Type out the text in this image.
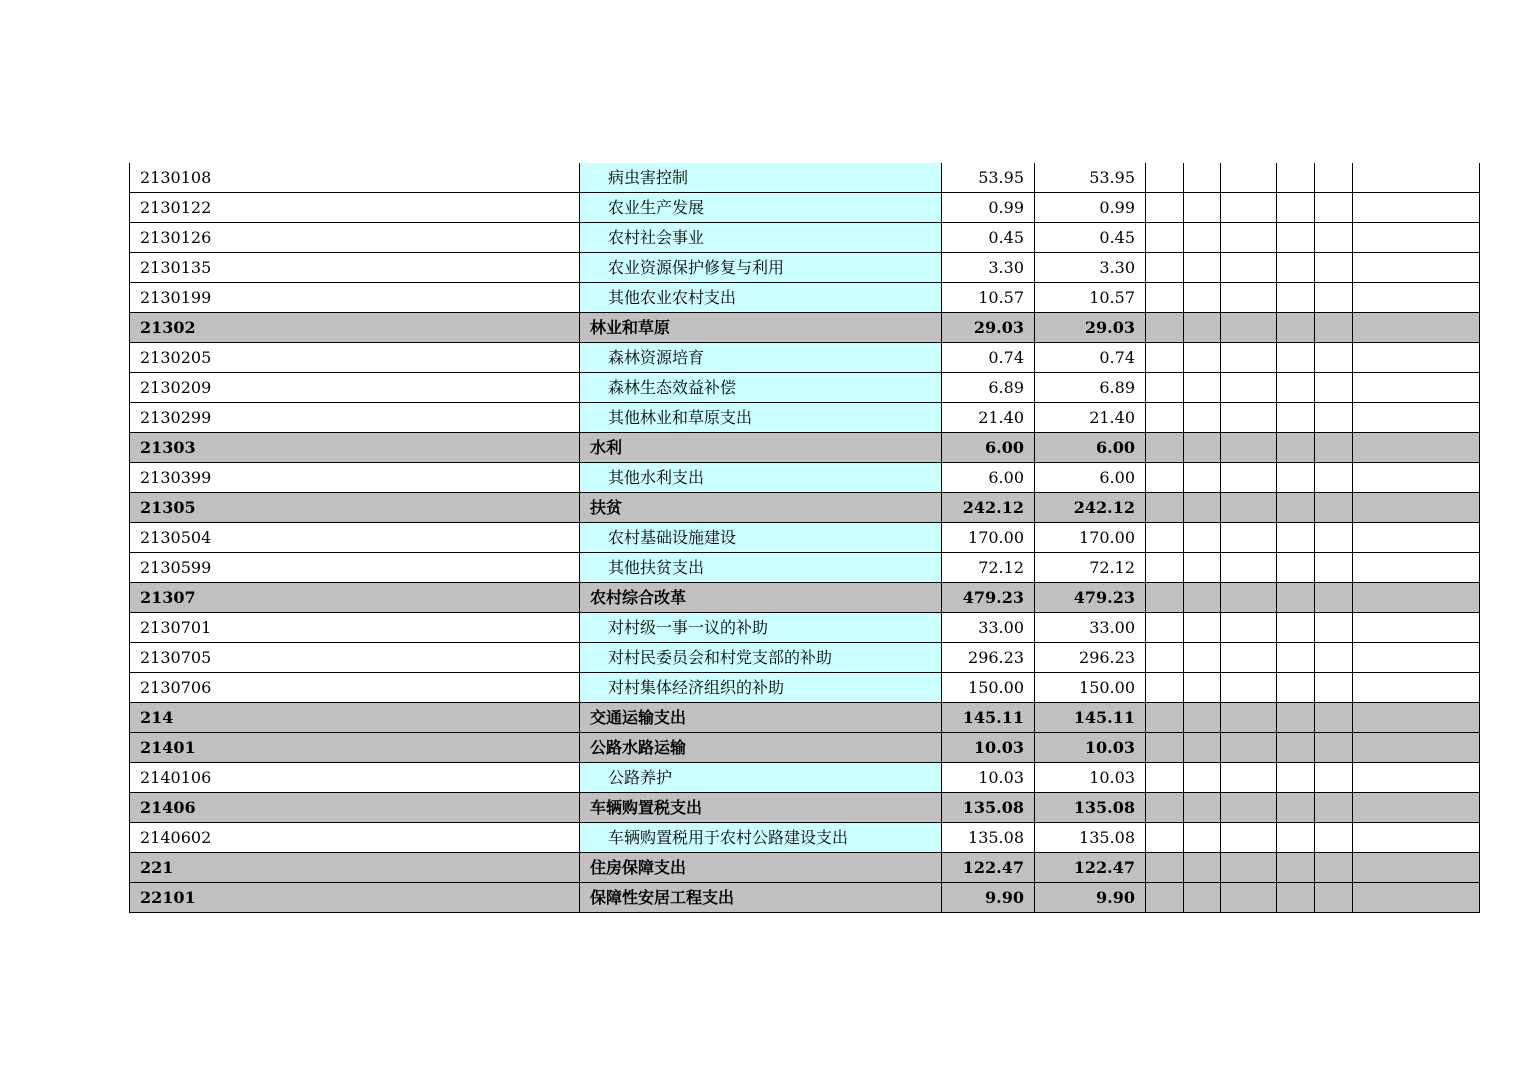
2130108	病虫害控制	53.95	53.95						
2130122	农业生产发展	0.99	0.99						
2130126	农村社会事业	0.45	0.45						
2130135	农业资源保护修复与利用	3.30	3.30						
2130199	其他农业农村支出	10.57	10.57						
21302	林业和草原	29.03	29.03						
2130205	森林资源培育	0.74	0.74						
2130209	森林生态效益补偿	6.89	6.89						
2130299	其他林业和草原支出	21.40	21.40						
21303	水利	6.00	6.00						
2130399	其他水利支出	6.00	6.00						
21305	扶贫	242.12	242.12						
2130504	农村基础设施建设	170.00	170.00						
2130599	其他扶贫支出	72.12	72.12						
21307	农村综合改革	479.23	479.23						
2130701	对村级一事一议的补助	33.00	33.00						
2130705	对村民委员会和村党支部的补助	296.23	296.23						
2130706	对村集体经济组织的补助	150.00	150.00						
214	交通运输支出	145.11	145.11						
21401	公路水路运输	10.03	10.03						
2140106	公路养护	10.03	10.03						
21406	车辆购置税支出	135.08	135.08						
2140602	车辆购置税用于农村公路建设支出	135.08	135.08						
221	住房保障支出	122.47	122.47						
22101	保障性安居工程支出	9.90	9.90						
